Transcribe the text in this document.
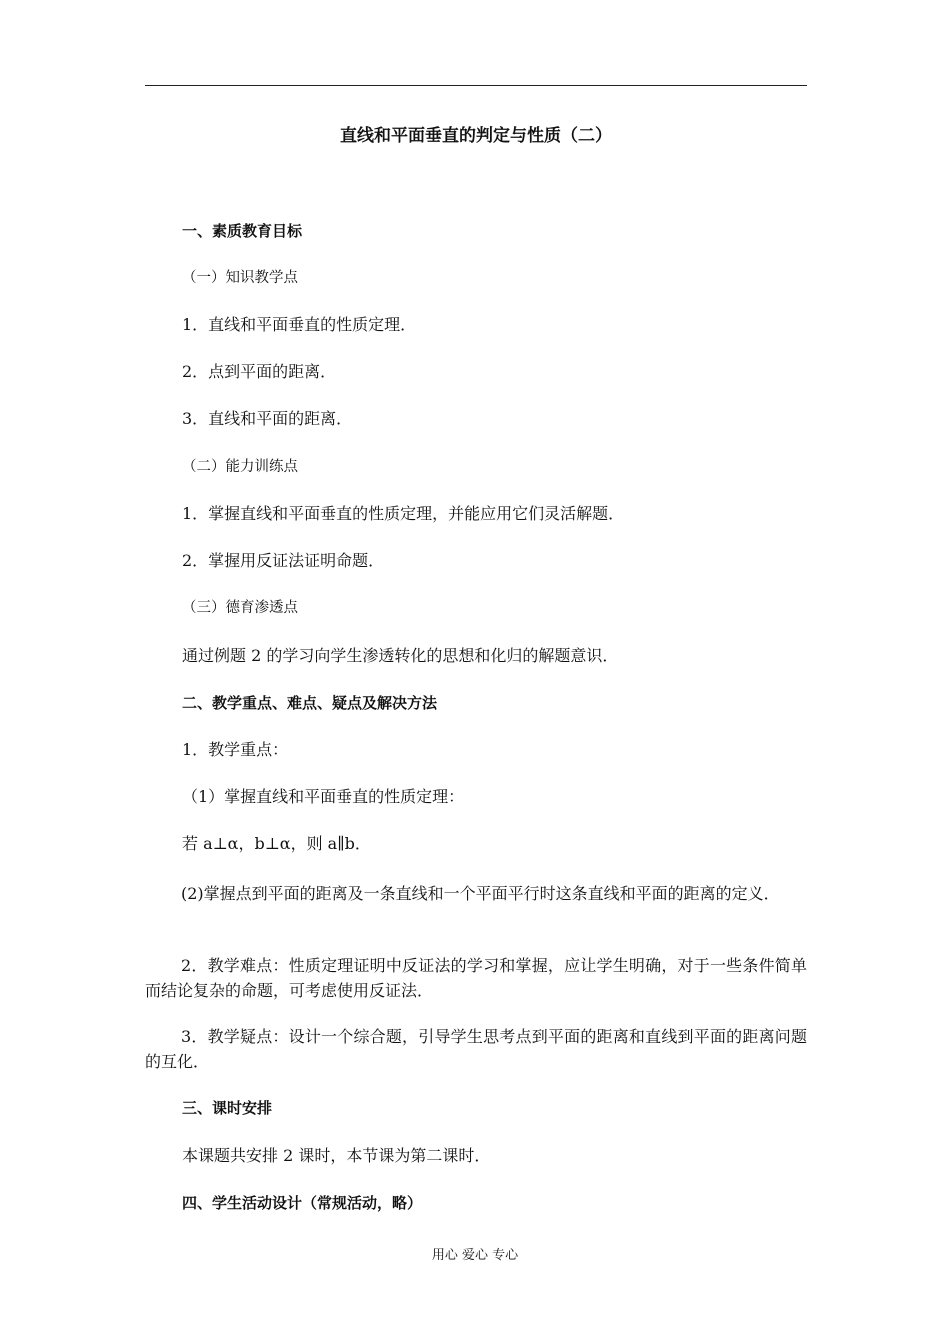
直线和平面垂直的判定与性质（二）
一、素质教育目标
（一）知识教学点
1．直线和平面垂直的性质定理．
2．点到平面的距离．
3．直线和平面的距离．
（二）能力训练点
1．掌握直线和平面垂直的性质定理，并能应用它们灵活解题．
2．掌握用反证法证明命题．
（三）德育渗透点
通过例题 2 的学习向学生渗透转化的思想和化归的解题意识．
二、教学重点、难点、疑点及解决方法
1．教学重点：
（1）掌握直线和平面垂直的性质定理：
若 a⊥α，b⊥α，则 a∥b．
(2)掌握点到平面的距离及一条直线和一个平面平行时这条直线和平面的距离的定义．
2．教学难点：性质定理证明中反证法的学习和掌握，应让学生明确，对于一些条件简单而结论复杂的命题，可考虑使用反证法．
3．教学疑点：设计一个综合题，引导学生思考点到平面的距离和直线到平面的距离问题的互化．
三、课时安排
本课题共安排 2 课时，本节课为第二课时．
四、学生活动设计（常规活动，略）
用心 爱心 专心
